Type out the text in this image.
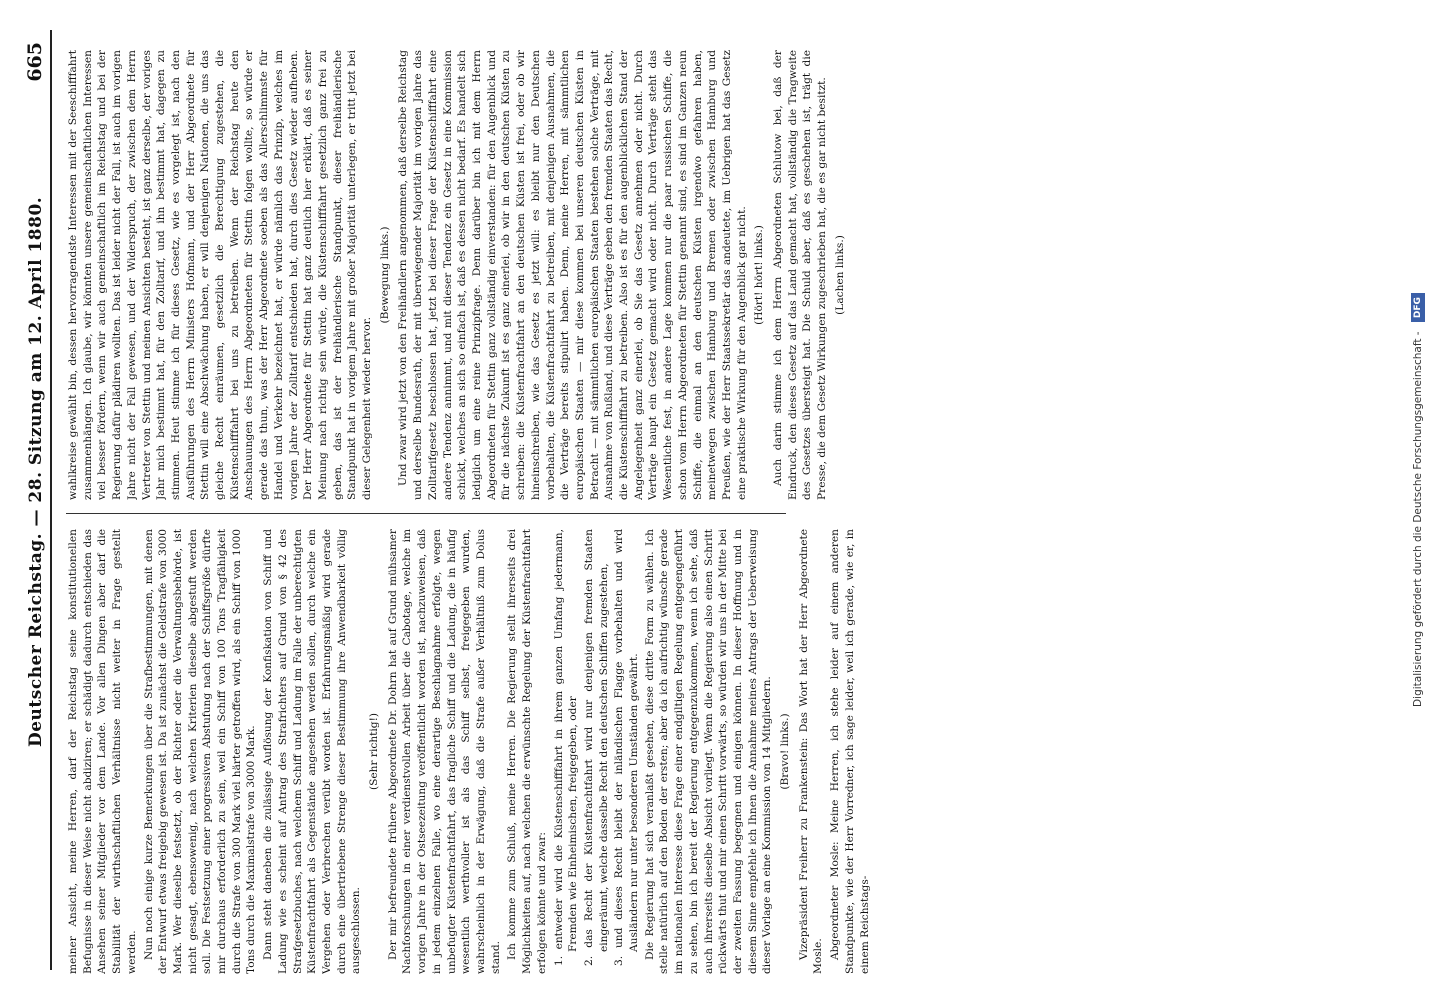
Deutscher Reichstag. — 28. Sitzung am 12. April 1880.
665

meiner Ansicht, meine Herren, darf der Reichstag seine konstitutionellen Befugnisse in dieser Weise nicht abdiziren; er schädigt dadurch entschieden das Ansehen seiner Mitglieder vor dem Lande. Vor allen Dingen aber darf die Stabilität der wirthschaftlichen Verhältnisse nicht weiter in Frage gestellt werden. Nun noch einige kurze Bemerkungen über die Strafbestimmungen, mit denen der Entwurf etwas freigebig gewesen ist. Da ist zunächst die Geldstrafe von 3000 Mark. Wer dieselbe festsetzt, ob der Richter oder die Verwaltungsbehörde, ist nicht gesagt, ebensowenig, nach welchen Kriterien dieselbe abgestuft werden soll. Die Festsetzung einer progressiven Abstufung nach der Schiffsgröße dürfte mir durchaus erforderlich zu sein, weil ein Schiff von 100 Tons Tragfähigkeit durch die Strafe von 300 Mark viel härter getroffen wird, als ein Schiff von 1000 Tons durch die Maximalstrafe von 3000 Mark. Dann steht daneben die zulässige Auflösung der Konfiskation von Schiff und Ladung wie es scheint auf Antrag des Strafrichters auf Grund von § 42 des Strafgesetzbuches, nach welchem Schiff und Ladung im Falle der unberechtigten Küstenfrachtfahrt als Gegenstände angesehen werden sollen, durch welche ein Vergehen oder Verbrechen verübt worden ist. Erfahrungsmäßig wird gerade durch eine übertriebene Strenge dieser Bestimmung ihre Anwendbarkeit völlig ausgeschlossen.

(Sehr richtig!) Der mir befreundete frühere Abgeordnete Dr. Dohrn hat auf Grund mühsamer Nachforschungen in einer verdienstvollen Arbeit über die Cabotage, welche im vorigen Jahre in der Ostseezeitung veröffentlicht worden ist, nachzuweisen, daß in jedem einzelnen Falle, wo eine derartige Beschlagnahme erfolgte, wegen unbefugter Küstenfrachtfahrt, das fragliche Schiff und die Ladung, die in häufig wesentlich werthvoller ist als das Schiff selbst, freigegeben wurden, wahrscheinlich in der Erwägung, daß die Strafe außer Verhältniß zum Dolus stand. Ich komme zum Schluß, meine Herren. Die Regierung stellt ihrerseits drei Möglichkeiten auf, nach welchen die erwünschte Regelung der Küstenfrachtfahrt erfolgen könnte und zwar: 1. entweder wird die Küstenschifffahrt in ihrem ganzen Umfang jedermann, Fremden wie Einheimischen, freigegeben, oder 2. das Recht der Küstenfrachtfahrt wird nur denjenigen fremden Staaten eingeräumt, welche dasselbe Recht den deutschen Schiffen zugestehen, 3. und dieses Recht bleibt der inländischen Flagge vorbehalten und wird Ausländern nur unter besonderen Umständen gewährt. Die Regierung hat sich veranlaßt gesehen, diese dritte Form zu wählen. Ich stelle natürlich auf den Boden der ersten; aber da ich aufrichtig wünsche gerade im nationalen Interesse diese Frage einer endgiltigen Regelung entgegengeführt zu sehen, bin ich bereit der Regierung entgegenzukommen, wenn ich sehe, daß auch ihrerseits dieselbe Absicht vorliegt. Wenn die Regierung also einen Schritt rückwärts thut und mir einen Schritt vorwärts, so würden wir uns in der Mitte bei der zweiten Fassung begegnen und einigen können. In dieser Hoffnung und in diesem Sinne empfehle ich Ihnen die Annahme meines Antrags der Ueberweisung dieser Vorlage an eine Kommission von 14 Mitgliedern. (Bravo! links.) Vizepräsident Freiherr zu Frankenstein: Das Wort hat der Herr Abgeordnete Mosle. Abgeordneter Mosle: Meine Herren, ich stehe leider auf einem anderen Standpunkte, wie der Herr Vorredner, ich sage leider, weil ich gerade, wie er, in einem Reichstags-

wahlkreise gewählt bin, dessen hervorragendste Interessen mit der Seeschifffahrt zusammenhängen. Ich glaube, wir könnten unsere gemeinschaftlichen Interessen viel besser fördern, wenn wir auch gemeinschaftlich im Reichstag und bei der Regierung dafür plädiren wollten. Das ist leider nicht der Fall, ist auch im vorigen Jahre nicht der Fall gewesen, und der Widerspruch, der zwischen dem Herrn Vertreter von Stettin und meinen Ansichten besteht, ist ganz derselbe, der voriges Jahr mich bestimmt hat, für den Zolltarif, und ihn bestimmt hat, dagegen zu stimmen. Heut stimme ich für dieses Gesetz, wie es vorgelegt ist, nach den Ausführungen des Herrn Ministers Hofmann, und der Herr Abgeordnete für Stettin will eine Abschwächung haben, er will denjenigen Nationen, die uns das gleiche Recht einräumen, gesetzlich die Berechtigung zugestehen, die Küstenschifffahrt bei uns zu betreiben. Wenn der Reichstag heute den Anschauungen des Herrn Abgeordneten für Stettin folgen wollte, so würde er gerade das thun, was der Herr Abgeordnete soeben als das Allerschlimmste für Handel und Verkehr bezeichnet hat, er würde nämlich das Prinzip, welches im vorigen Jahre der Zolltarif entschieden hat, durch dies Gesetz wieder aufheben. Der Herr Abgeordnete für Stettin hat ganz deutlich hier erklärt, daß es seiner Meinung nach richtig sein würde, die Küstenschifffahrt gesetzlich ganz frei zu geben, das ist der freihändlerische Standpunkt, dieser freihändlerische Standpunkt hat in vorigem Jahre mit großer Majorität unterlegen, er tritt jetzt bei dieser Gelegenheit wieder hervor.

(Bewegung links.) Und zwar wird jetzt von den Freihändlern angenommen, daß derselbe Reichstag und derselbe Bundesrath, der mit überwiegender Majorität im vorigen Jahre das Zolltarifgesetz beschlossen hat, jetzt bei dieser Frage der Küstenschifffahrt eine andere Tendenz annimmt, und mit dieser Tendenz ein Gesetz in eine Kommission schickt, welches an sich so einfach ist, daß es dessen nicht bedarf. Es handelt sich lediglich um eine reine Prinzipfrage. Denn darüber bin ich mit dem Herrn Abgeordneten für Stettin ganz vollständig einverstanden: für den Augenblick und für die nächste Zukunft ist es ganz einerlei, ob wir in den deutschen Küsten zu schreiben: die Küstenfrachtfahrt an den deutschen Küsten ist frei, oder ob wir hineinschreiben, wie das Gesetz es jetzt will: es bleibt nur den Deutschen vorbehalten, die Küstenfrachtfahrt zu betreiben, mit denjenigen Ausnahmen, die die Verträge bereits stipulirt haben. Denn, meine Herren, mit sämmtlichen europäischen Staaten — mir diese kommen bei unseren deutschen Küsten in Betracht — mit sämmtlichen europäischen Staaten bestehen solche Verträge, mit Ausnahme von Rußland, und diese Verträge geben den fremden Staaten das Recht, die Küstenschifffahrt zu betreiben. Also ist es für den augenblicklichen Stand der Angelegenheit ganz einerlei, ob Sie das Gesetz annehmen oder nicht. Durch Verträge haupt ein Gesetz gemacht wird oder nicht. Durch Verträge steht das Wesentliche fest, in andere Lage kommen nur die paar russischen Schiffe, die schon vom Herrn Abgeordneten für Stettin genannt sind, es sind im Ganzen neun Schiffe, die einmal an den deutschen Küsten irgendwo gefahren haben, meinetwegen zwischen Hamburg und Bremen oder zwischen Hamburg und Preußen, wie der Herr Staatssekretär das andeutete, im Uebrigen hat das Gesetz eine praktische Wirkung für den Augenblick gar nicht. (Hört! hört! links.) Auch darin stimme ich dem Herrn Abgeordneten Schlutow bei, daß der Eindruck, den dieses Gesetz auf das Land gemacht hat, vollständig die Tragweite des Gesetzes übersteigt hat. Die Schuld aber, daß es geschehen ist, trägt die Presse, die dem Gesetz Wirkungen zugeschrieben hat, die es gar nicht besitzt. (Lachen links.)

Digitalisierung gefördert durch die Deutsche Forschungsgemeinschaft - DFG
